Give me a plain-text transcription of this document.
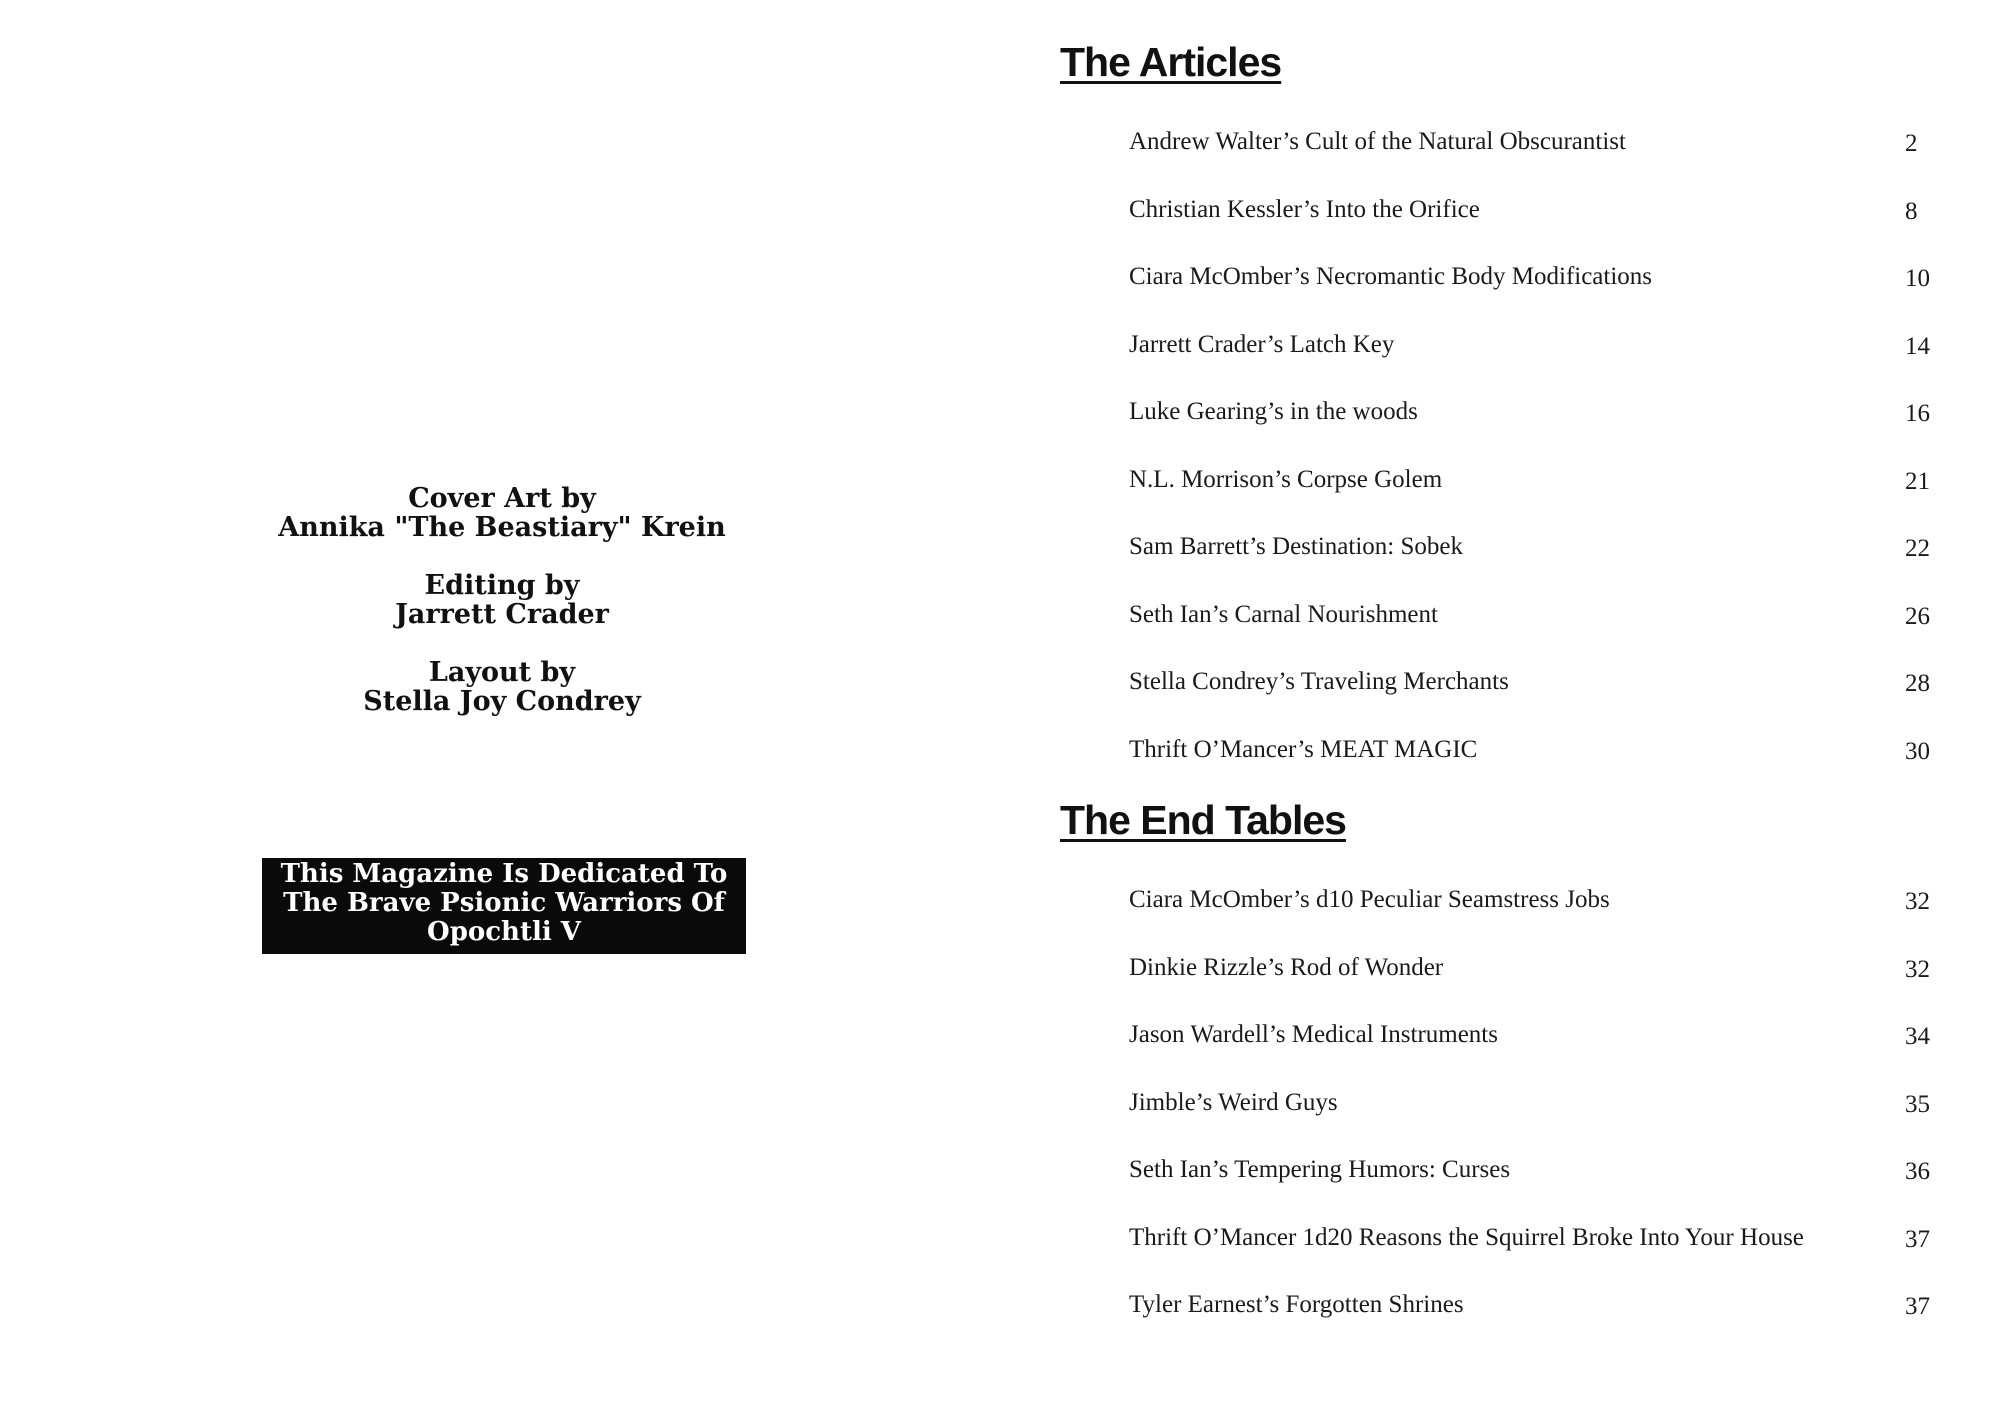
Cover Art by
Annika "The Beastiary" Krein
Editing by
Jarrett Crader
Layout by
Stella Joy Condrey
This Magazine Is Dedicated To
The Brave Psionic Warriors Of
Opochtli V
The Articles
Andrew Walter’s Cult of the Natural Obscurantist	2
Christian Kessler’s Into the Orifice	8
Ciara McOmber’s Necromantic Body Modifications	10
Jarrett Crader’s Latch Key	14
Luke Gearing’s in the woods	16
N.L. Morrison’s Corpse Golem	21
Sam Barrett’s Destination: Sobek	22
Seth Ian’s Carnal Nourishment	26
Stella Condrey’s Traveling Merchants	28
Thrift O’Mancer’s MEAT MAGIC	30
The End Tables
Ciara McOmber’s d10 Peculiar Seamstress Jobs	32
Dinkie Rizzle’s Rod of Wonder	32
Jason Wardell’s Medical Instruments	34
Jimble’s Weird Guys	35
Seth Ian’s Tempering Humors: Curses	36
Thrift O’Mancer 1d20 Reasons the Squirrel Broke Into Your House	37
Tyler Earnest’s Forgotten Shrines	37
